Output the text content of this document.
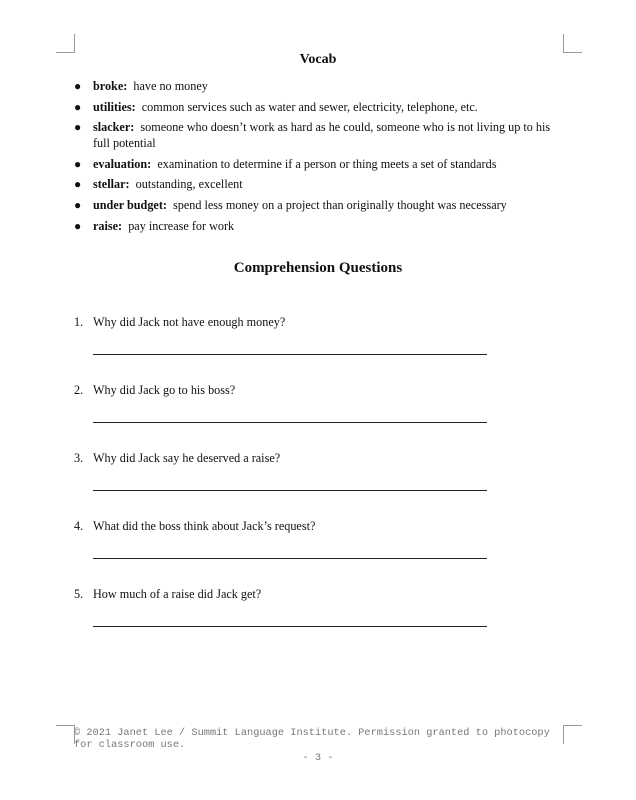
Vocab
● broke: have no money
● utilities: common services such as water and sewer, electricity, telephone, etc.
● slacker: someone who doesn’t work as hard as he could, someone who is not living up to his full potential
● evaluation: examination to determine if a person or thing meets a set of standards
● stellar: outstanding, excellent
● under budget: spend less money on a project than originally thought was necessary
● raise: pay increase for work
Comprehension Questions
1. Why did Jack not have enough money?
2. Why did Jack go to his boss?
3. Why did Jack say he deserved a raise?
4. What did the boss think about Jack’s request?
5. How much of a raise did Jack get?
© 2021 Janet Lee / Summit Language Institute. Permission granted to photocopy for classroom use.
- 3 -
